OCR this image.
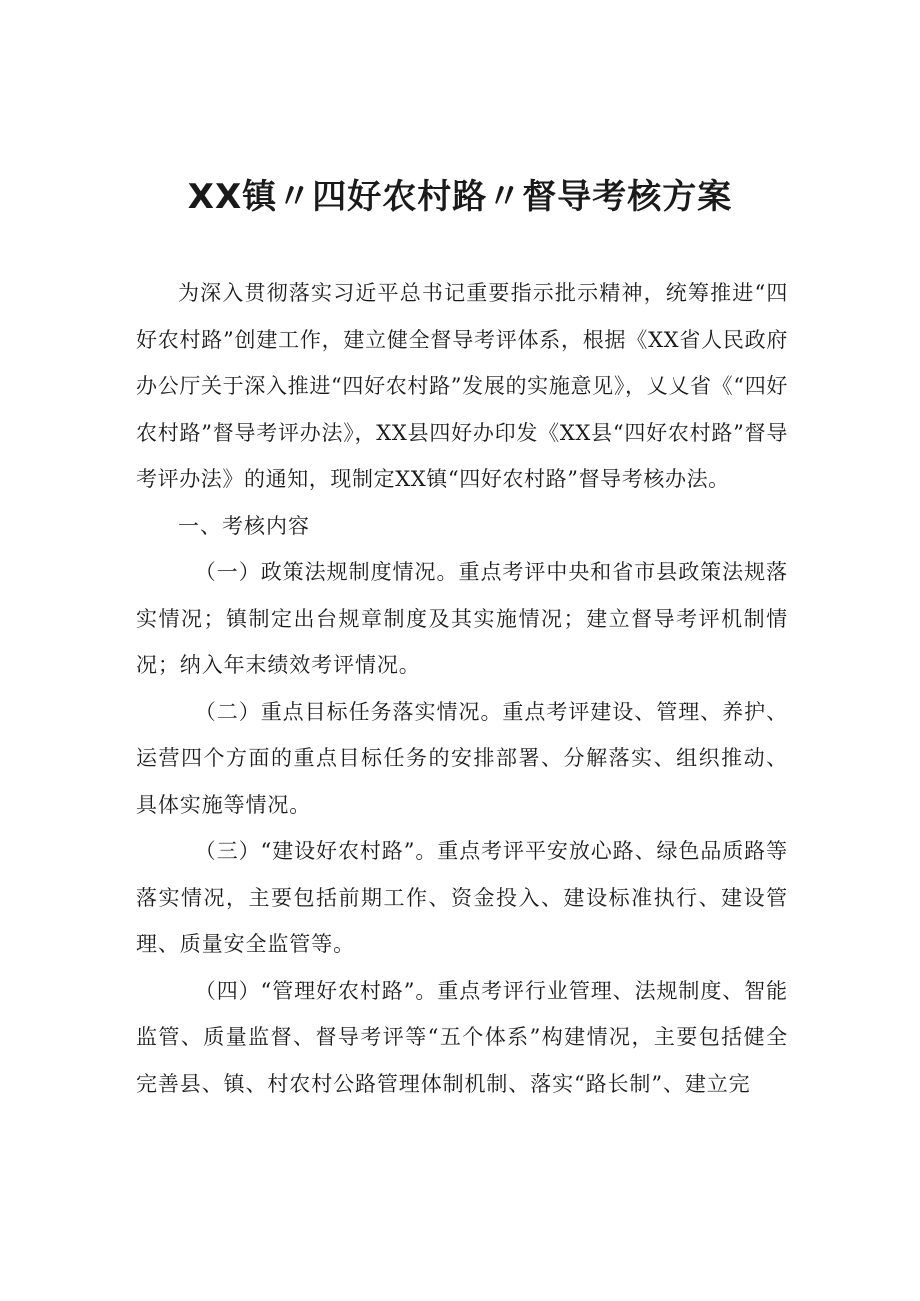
XX镇〃四好农村路〃督导考核方案

为深入贯彻落实习近平总书记重要指示批示精神，统筹推进“四好农村路”创建工作，建立健全督导考评体系，根据《XX省人民政府办公厅关于深入推进“四好农村路”发展的实施意见》，乂乂省《“四好农村路”督导考评办法》，XX县四好办印发《XX县“四好农村路”督导考评办法》的通知，现制定XX镇“四好农村路”督导考核办法。

一、考核内容

（一）政策法规制度情况。重点考评中央和省市县政策法规落实情况；镇制定出台规章制度及其实施情况；建立督导考评机制情况；纳入年末绩效考评情况。

（二）重点目标任务落实情况。重点考评建设、管理、养护、运营四个方面的重点目标任务的安排部署、分解落实、组织推动、具体实施等情况。

（三）“建设好农村路”。重点考评平安放心路、绿色品质路等落实情况，主要包括前期工作、资金投入、建设标准执行、建设管理、质量安全监管等。

（四）“管理好农村路”。重点考评行业管理、法规制度、智能监管、质量监督、督导考评等“五个体系”构建情况，主要包括健全完善县、镇、村农村公路管理体制机制、落实“路长制”、建立完
